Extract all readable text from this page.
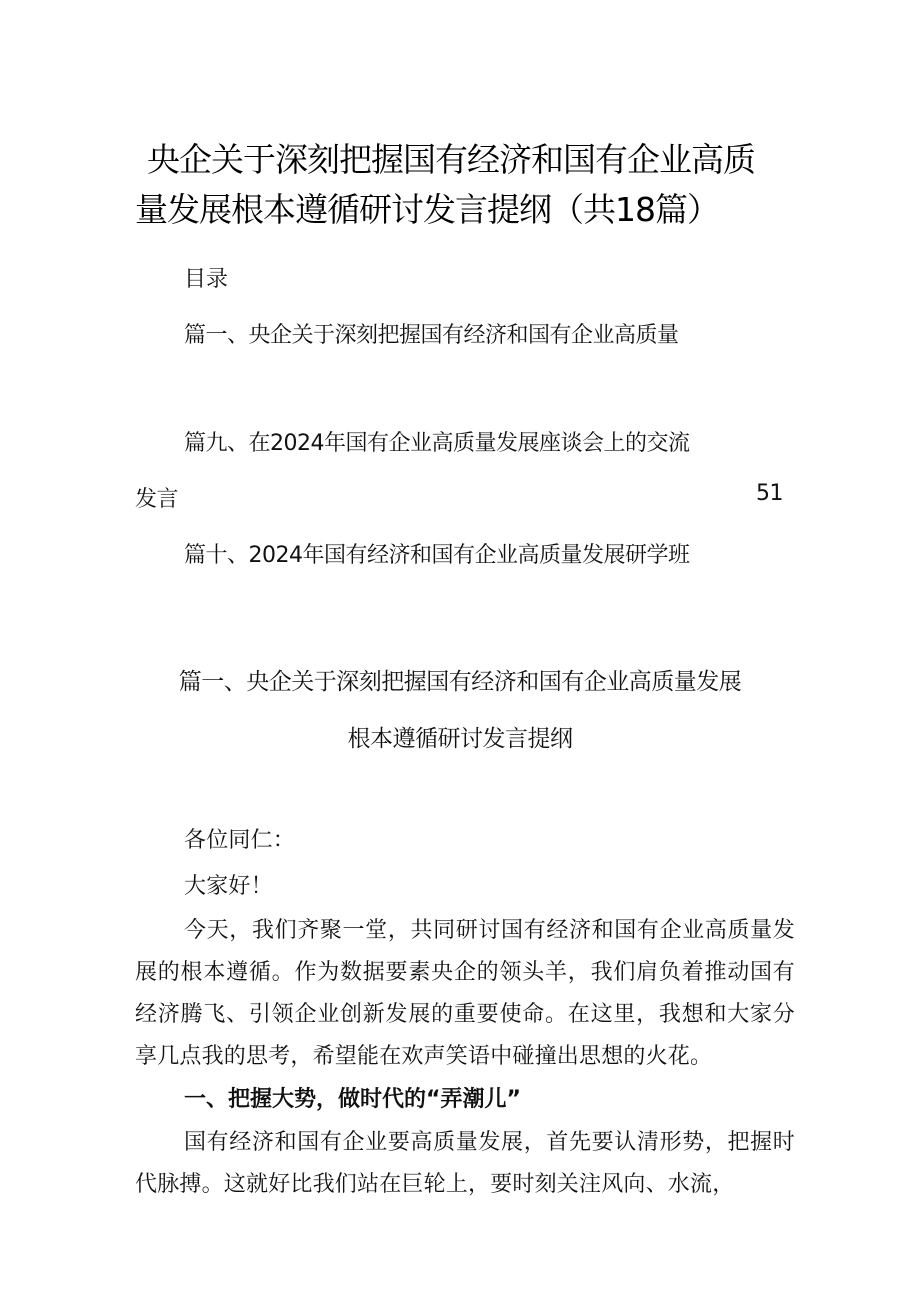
央企关于深刻把握国有经济和国有企业高质
量发展根本遵循研讨发言提纲（共18篇）
目录
篇一、央企关于深刻把握国有经济和国有企业高质量
篇九、在2024年国有企业高质量发展座谈会上的交流
发言	51
篇十、2024年国有经济和国有企业高质量发展研学班
篇一、央企关于深刻把握国有经济和国有企业高质量发展
根本遵循研讨发言提纲
各位同仁：
大家好！
今天，我们齐聚一堂，共同研讨国有经济和国有企业高质量发展的根本遵循。作为数据要素央企的领头羊，我们肩负着推动国有经济腾飞、引领企业创新发展的重要使命。在这里，我想和大家分享几点我的思考，希望能在欢声笑语中碰撞出思想的火花。
一、把握大势，做时代的“弄潮儿”
国有经济和国有企业要高质量发展，首先要认清形势，把握时代脉搏。这就好比我们站在巨轮上，要时刻关注风向、水流，
